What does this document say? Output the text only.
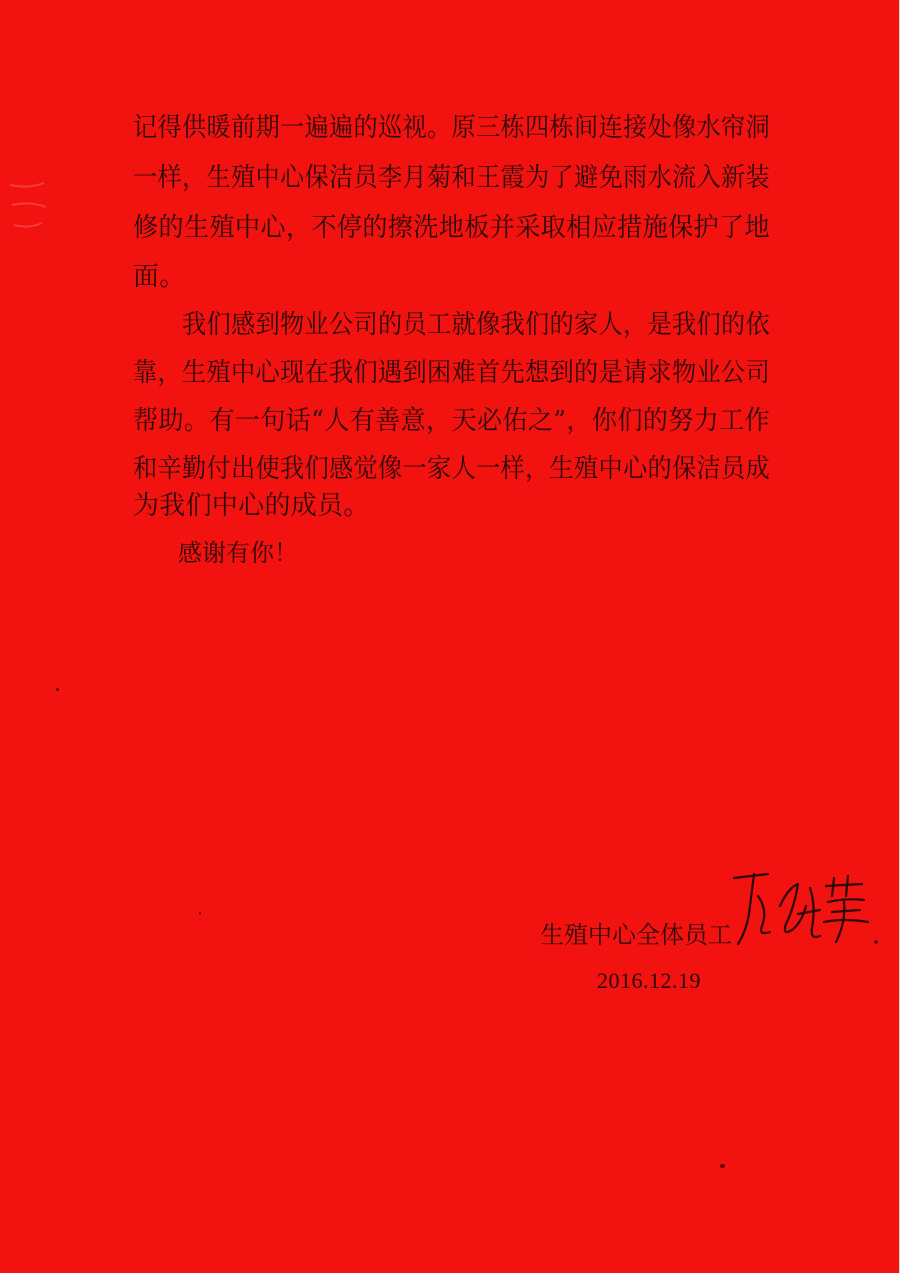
记得供暖前期一遍遍的巡视。原三栋四栋间连接处像水帘洞

一样，生殖中心保洁员李月菊和王霞为了避免雨水流入新装

修的生殖中心，不停的擦洗地板并采取相应措施保护了地

面。

　　我们感到物业公司的员工就像我们的家人，是我们的依

靠，生殖中心现在我们遇到困难首先想到的是请求物业公司

帮助。有一句话“人有善意，天必佑之”，你们的努力工作

和辛勤付出使我们感觉像一家人一样，生殖中心的保洁员成

为我们中心的成员。

感谢有你！

生殖中心全体员工
2016.12.19
